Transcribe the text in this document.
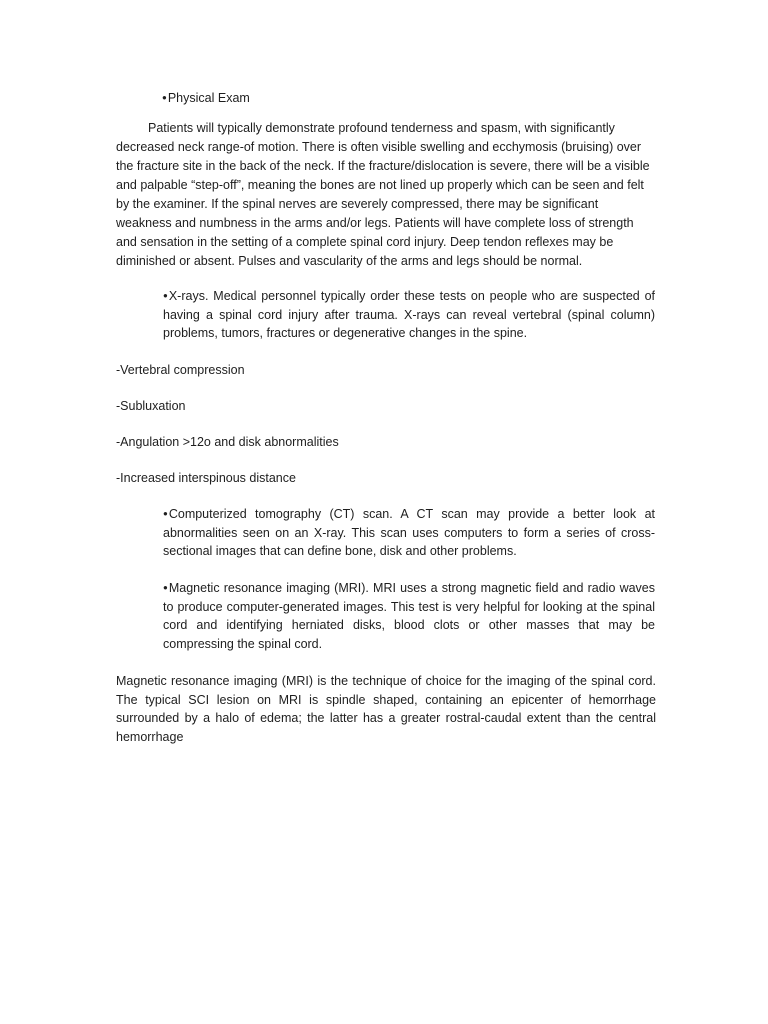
●Physical Exam
Patients will typically demonstrate profound tenderness and spasm, with significantly decreased neck range-of motion. There is often visible swelling and ecchymosis (bruising) over the fracture site in the back of the neck. If the fracture/dislocation is severe, there will be a visible and palpable “step-off”, meaning the bones are not lined up properly which can be seen and felt by the examiner. If the spinal nerves are severely compressed, there may be significant weakness and numbness in the arms and/or legs. Patients will have complete loss of strength and sensation in the setting of a complete spinal cord injury. Deep tendon reflexes may be diminished or absent. Pulses and vascularity of the arms and legs should be normal.
●X-rays. Medical personnel typically order these tests on people who are suspected of having a spinal cord injury after trauma. X-rays can reveal vertebral (spinal column) problems, tumors, fractures or degenerative changes in the spine.
-Vertebral compression
-Subluxation
-Angulation >12o and disk abnormalities
-Increased interspinous distance
●Computerized tomography (CT) scan. A CT scan may provide a better look at abnormalities seen on an X-ray. This scan uses computers to form a series of cross-sectional images that can define bone, disk and other problems.
●Magnetic resonance imaging (MRI). MRI uses a strong magnetic field and radio waves to produce computer-generated images. This test is very helpful for looking at the spinal cord and identifying herniated disks, blood clots or other masses that may be compressing the spinal cord.
Magnetic resonance imaging (MRI) is the technique of choice for the imaging of the spinal cord. The typical SCI lesion on MRI is spindle shaped, containing an epicenter of hemorrhage surrounded by a halo of edema; the latter has a greater rostral-caudal extent than the central hemorrhage
